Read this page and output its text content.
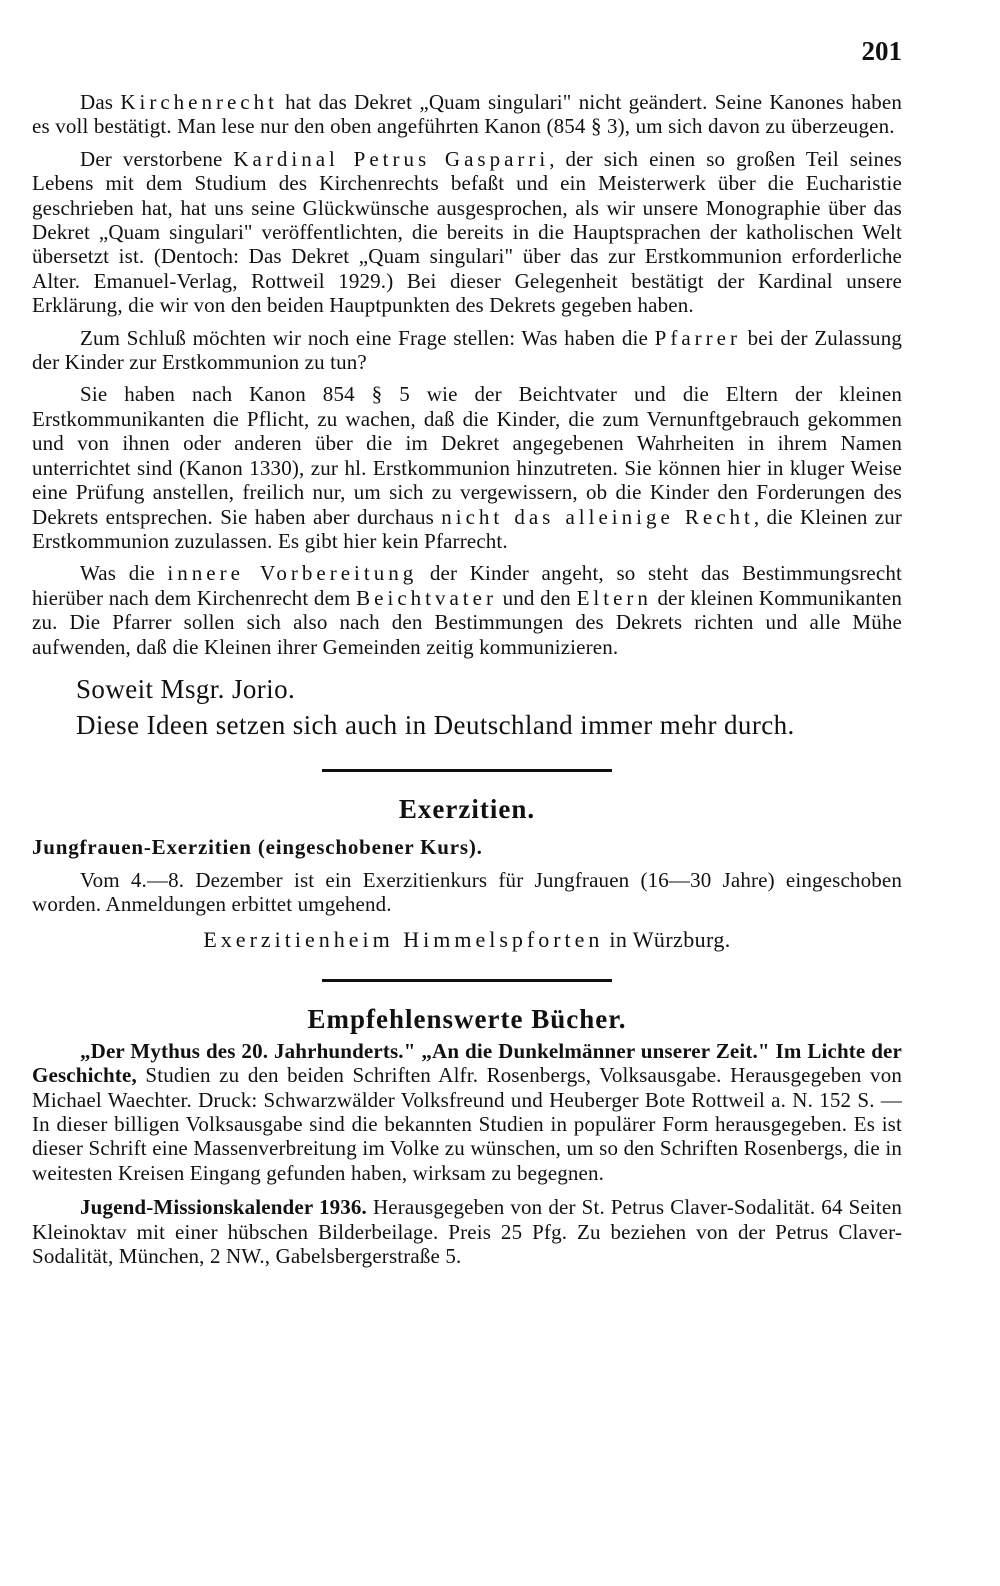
201

Das Kirchenrecht hat das Dekret „Quam singulari" nicht geändert. Seine Kanones haben es voll bestätigt. Man lese nur den oben angeführten Kanon (854 § 3), um sich davon zu überzeugen.

Der verstorbene Kardinal Petrus Gasparri, der sich einen so großen Teil seines Lebens mit dem Studium des Kirchenrechts befaßt und ein Meisterwerk über die Eucharistie geschrieben hat, hat uns seine Glückwünsche ausgesprochen, als wir unsere Monographie über das Dekret „Quam singulari" veröffentlichten, die bereits in die Hauptsprachen der katholischen Welt übersetzt ist. (Dentoch: Das Dekret „Quam singulari" über das zur Erstkommunion erforderliche Alter. Emanuel-Verlag, Rottweil 1929.) Bei dieser Gelegenheit bestätigt der Kardinal unsere Erklärung, die wir von den beiden Hauptpunkten des Dekrets gegeben haben.

Zum Schluß möchten wir noch eine Frage stellen: Was haben die Pfarrer bei der Zulassung der Kinder zur Erstkommunion zu tun?

Sie haben nach Kanon 854 § 5 wie der Beichtvater und die Eltern der kleinen Erstkommunikanten die Pflicht, zu wachen, daß die Kinder, die zum Vernunftgebrauch gekommen und von ihnen oder anderen über die im Dekret angegebenen Wahrheiten in ihrem Namen unterrichtet sind (Kanon 1330), zur hl. Erstkommunion hinzutreten. Sie können hier in kluger Weise eine Prüfung anstellen, freilich nur, um sich zu vergewissern, ob die Kinder den Forderungen des Dekrets entsprechen. Sie haben aber durchaus nicht das alleinige Recht, die Kleinen zur Erstkommunion zuzulassen. Es gibt hier kein Pfarrecht.

Was die innere Vorbereitung der Kinder angeht, so steht das Bestimmungsrecht hierüber nach dem Kirchenrecht dem Beichtvater und den Eltern der kleinen Kommunikanten zu. Die Pfarrer sollen sich also nach den Bestimmungen des Dekrets richten und alle Mühe aufwenden, daß die Kleinen ihrer Gemeinden zeitig kommunizieren.

Soweit Msgr. Jorio.

Diese Ideen setzen sich auch in Deutschland immer mehr durch.

Exerzitien.
Jungfrauen-Exerzitien (eingeschobener Kurs).

Vom 4.—8. Dezember ist ein Exerzitienkurs für Jungfrauen (16—30 Jahre) eingeschoben worden. Anmeldungen erbittet umgehend.

Exerzitienheim Himmelspforten in Würzburg.
Empfehlenswerte Bücher.

„Der Mythus des 20. Jahrhunderts." „An die Dunkelmänner unserer Zeit." Im Lichte der Geschichte, Studien zu den beiden Schriften Alfr. Rosenbergs, Volksausgabe. Herausgegeben von Michael Waechter. Druck: Schwarzwälder Volksfreund und Heuberger Bote Rottweil a. N. 152 S. — In dieser billigen Volksausgabe sind die bekannten Studien in populärer Form herausgegeben. Es ist dieser Schrift eine Massenverbreitung im Volke zu wünschen, um so den Schriften Rosenbergs, die in weitesten Kreisen Eingang gefunden haben, wirksam zu begegnen.

Jugend-Missionskalender 1936. Herausgegeben von der St. Petrus Claver-Sodalität. 64 Seiten Kleinoktav mit einer hübschen Bilderbeilage. Preis 25 Pfg. Zu beziehen von der Petrus Claver-Sodalität, München, 2 NW., Gabelsbergerstraße 5.
